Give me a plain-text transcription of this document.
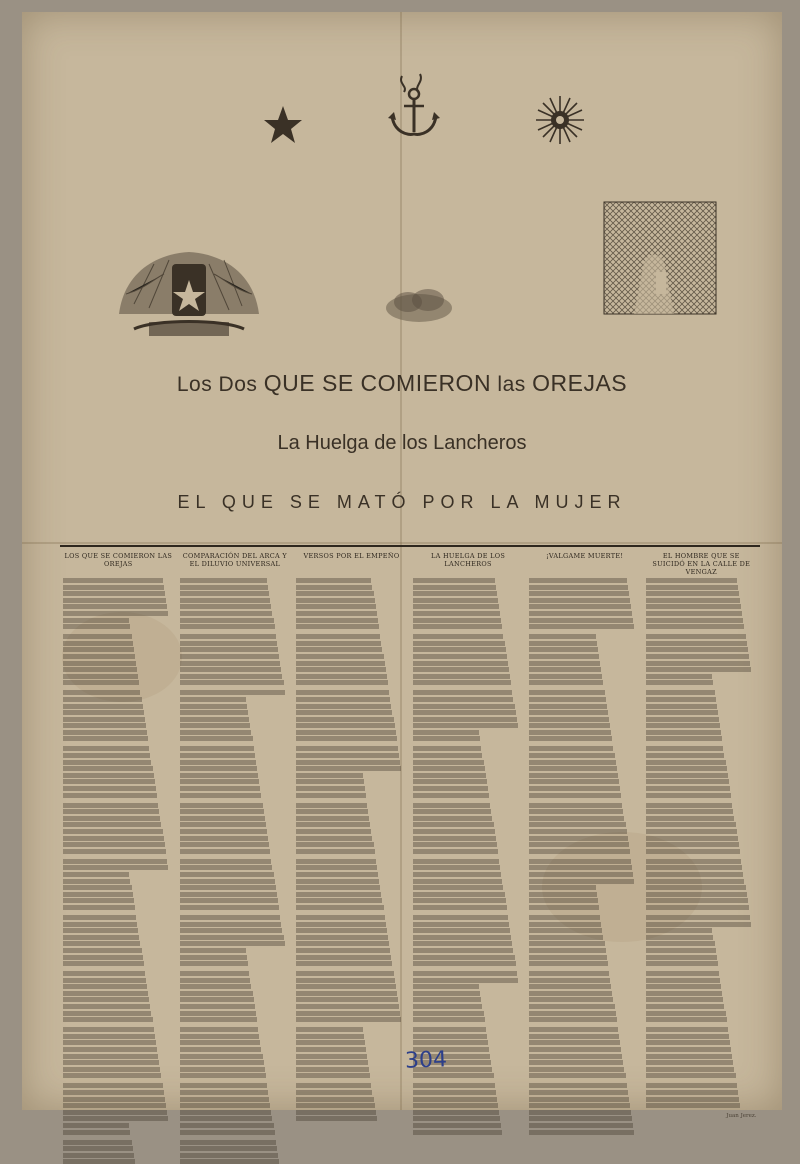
Los Dos QUE SE COMIERON las OREJAS
La Huelga de los Lancheros
EL QUE SE MATÓ POR LA MUJER
LOS QUE SE COMIERON LAS OREJAS
COMPARACIÓN DEL ARCA Y EL DILUVIO UNIVERSAL
VERSOS POR EL EMPEÑO	LA HUELGA DE LOS LANCHEROS
¡VALGAME MUERTE!	EL HOMBRE QUE SE SUICIDÓ EN LA CALLE DE VENGAZ
Juan Jerez.
304
